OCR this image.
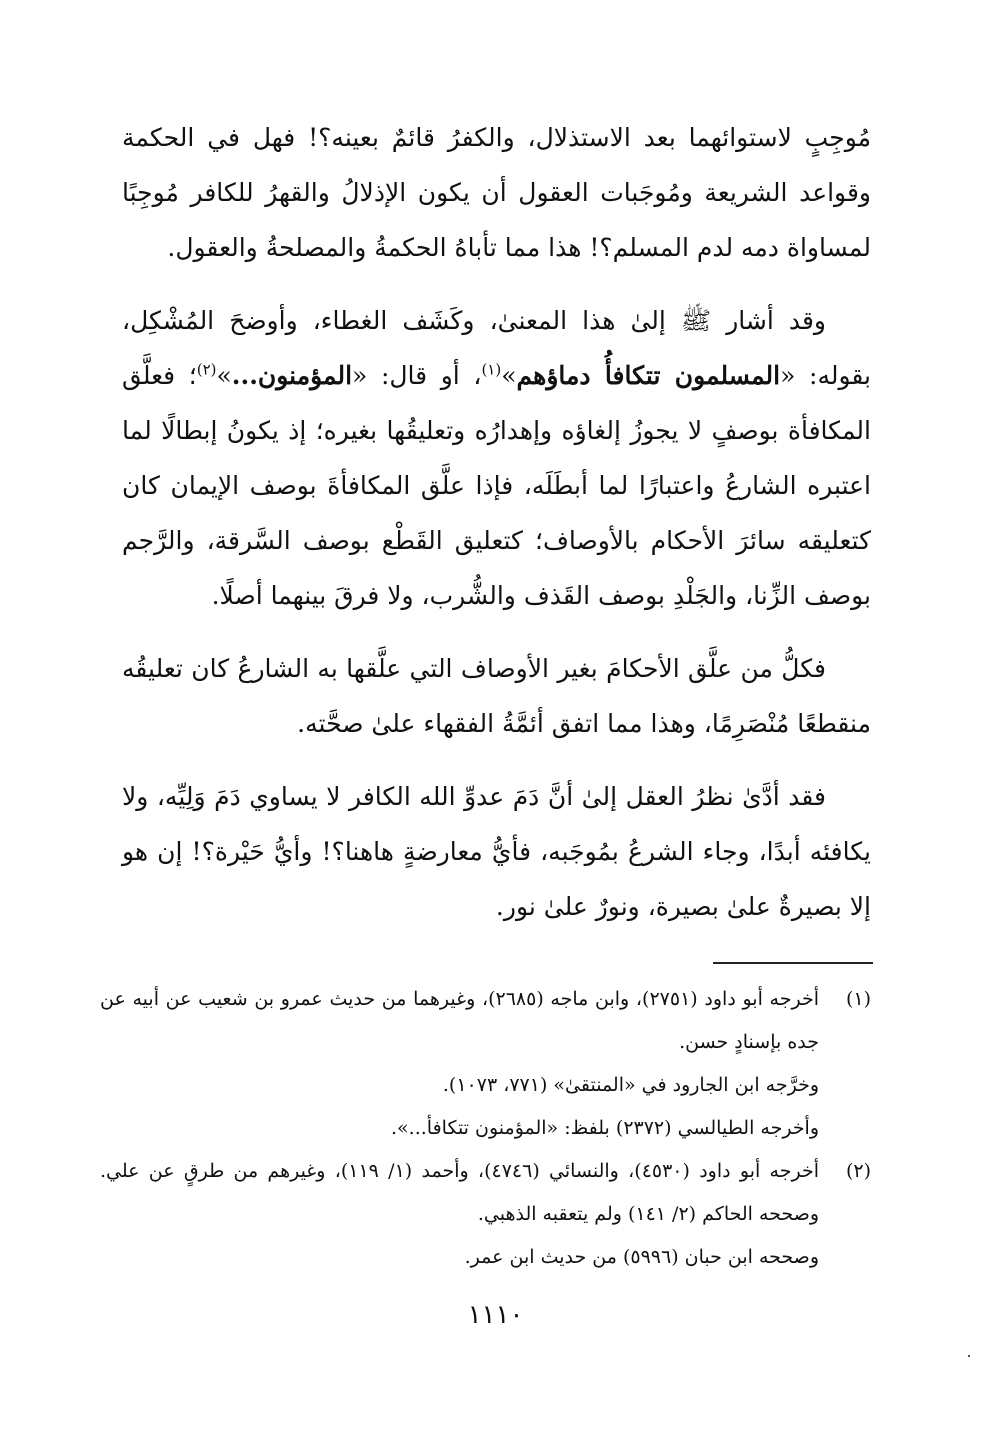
مُوجِبٍ لاستوائهما بعد الاستذلال، والكفرُ قائمٌ بعينه؟! فهل في الحكمة وقواعد الشريعة ومُوجَبات العقول أن يكون الإذلالُ والقهرُ للكافر مُوجِبًا لمساواة دمه لدم المسلم؟! هذا مما تأباهُ الحكمةُ والمصلحةُ والعقول.

وقد أشار ﷺ إلىٰ هذا المعنىٰ، وكَشَف الغطاء، وأوضحَ المُشْكِل، بقوله: «المسلمون تتكافأُ دماؤهم»$^{(١)}$، أو قال: «المؤمنون...»$^{(٢)}$؛ فعلَّق المكافأة بوصفٍ لا يجوزُ إلغاؤه وإهدارُه وتعليقُها بغيره؛ إذ يكونُ إبطالًا لما اعتبره الشارعُ واعتبارًا لما أبطَلَه، فإذا علَّق المكافأةَ بوصف الإيمان كان كتعليقه سائرَ الأحكام بالأوصاف؛ كتعليق القَطْع بوصف السَّرقة، والرَّجم بوصف الزِّنا، والجَلْدِ بوصف القَذف والشُّرب، ولا فرقَ بينهما أصلًا.

فكلُّ من علَّق الأحكامَ بغير الأوصاف التي علَّقها به الشارعُ كان تعليقُه منقطعًا مُنْصَرِمًا، وهذا مما اتفق أئمَّةُ الفقهاء علىٰ صحَّته.

فقد أدَّىٰ نظرُ العقل إلىٰ أنَّ دَمَ عدوِّ الله الكافر لا يساوي دَمَ وَلِيِّه، ولا يكافئه أبدًا، وجاء الشرعُ بمُوجَبه، فأيُّ معارضةٍ هاهنا؟! وأيُّ حَيْرة؟! إن هو إلا بصيرةٌ علىٰ بصيرة، ونورٌ علىٰ نور.

(١)
أخرجه أبو داود (٢٧٥١)، وابن ماجه (٢٦٨٥)، وغيرهما من حديث عمرو بن شعيب عن أبيه عن جده بإسنادٍ حسن.
وخرَّجه ابن الجارود في «المنتقىٰ» (٧٧١، ١٠٧٣).
وأخرجه الطيالسي (٢٣٧٢) بلفظ: «المؤمنون تتكافأ...».
(٢)
أخرجه أبو داود (٤٥٣٠)، والنسائي (٤٧٤٦)، وأحمد (١/ ١١٩)، وغيرهم من طرقٍ عن علي. وصححه الحاكم (٢/ ١٤١) ولم يتعقبه الذهبي.
وصححه ابن حبان (٥٩٩٦) من حديث ابن عمر.
١١١٠
